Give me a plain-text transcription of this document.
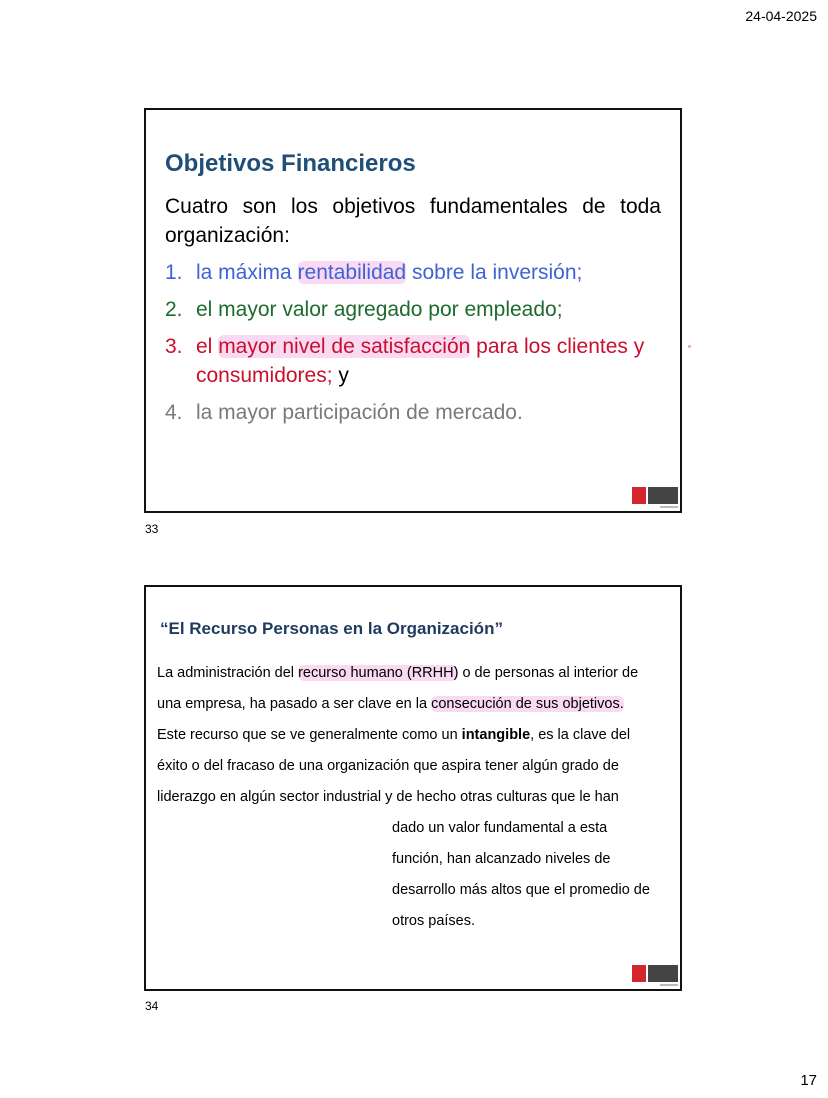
24-04-2025
Objetivos Financieros
Cuatro son los objetivos fundamentales de toda organización:
1. la máxima rentabilidad sobre la inversión;
2. el mayor valor agregado por empleado;
3. el mayor nivel de satisfacción para los clientes y consumidores; y
4. la mayor participación de mercado.
33
“El Recurso Personas en la Organización”
La administración del recurso humano (RRHH) o de personas al interior de
una empresa, ha pasado a ser clave en la consecución de sus objetivos.
Este recurso que se ve generalmente como un intangible, es la clave del
éxito o del fracaso de una organización que aspira tener algún grado de
liderazgo en algún sector industrial y de hecho otras culturas que le han
dado un valor fundamental a esta
función, han alcanzado niveles de
desarrollo más altos que el promedio de
otros países.
34
17
